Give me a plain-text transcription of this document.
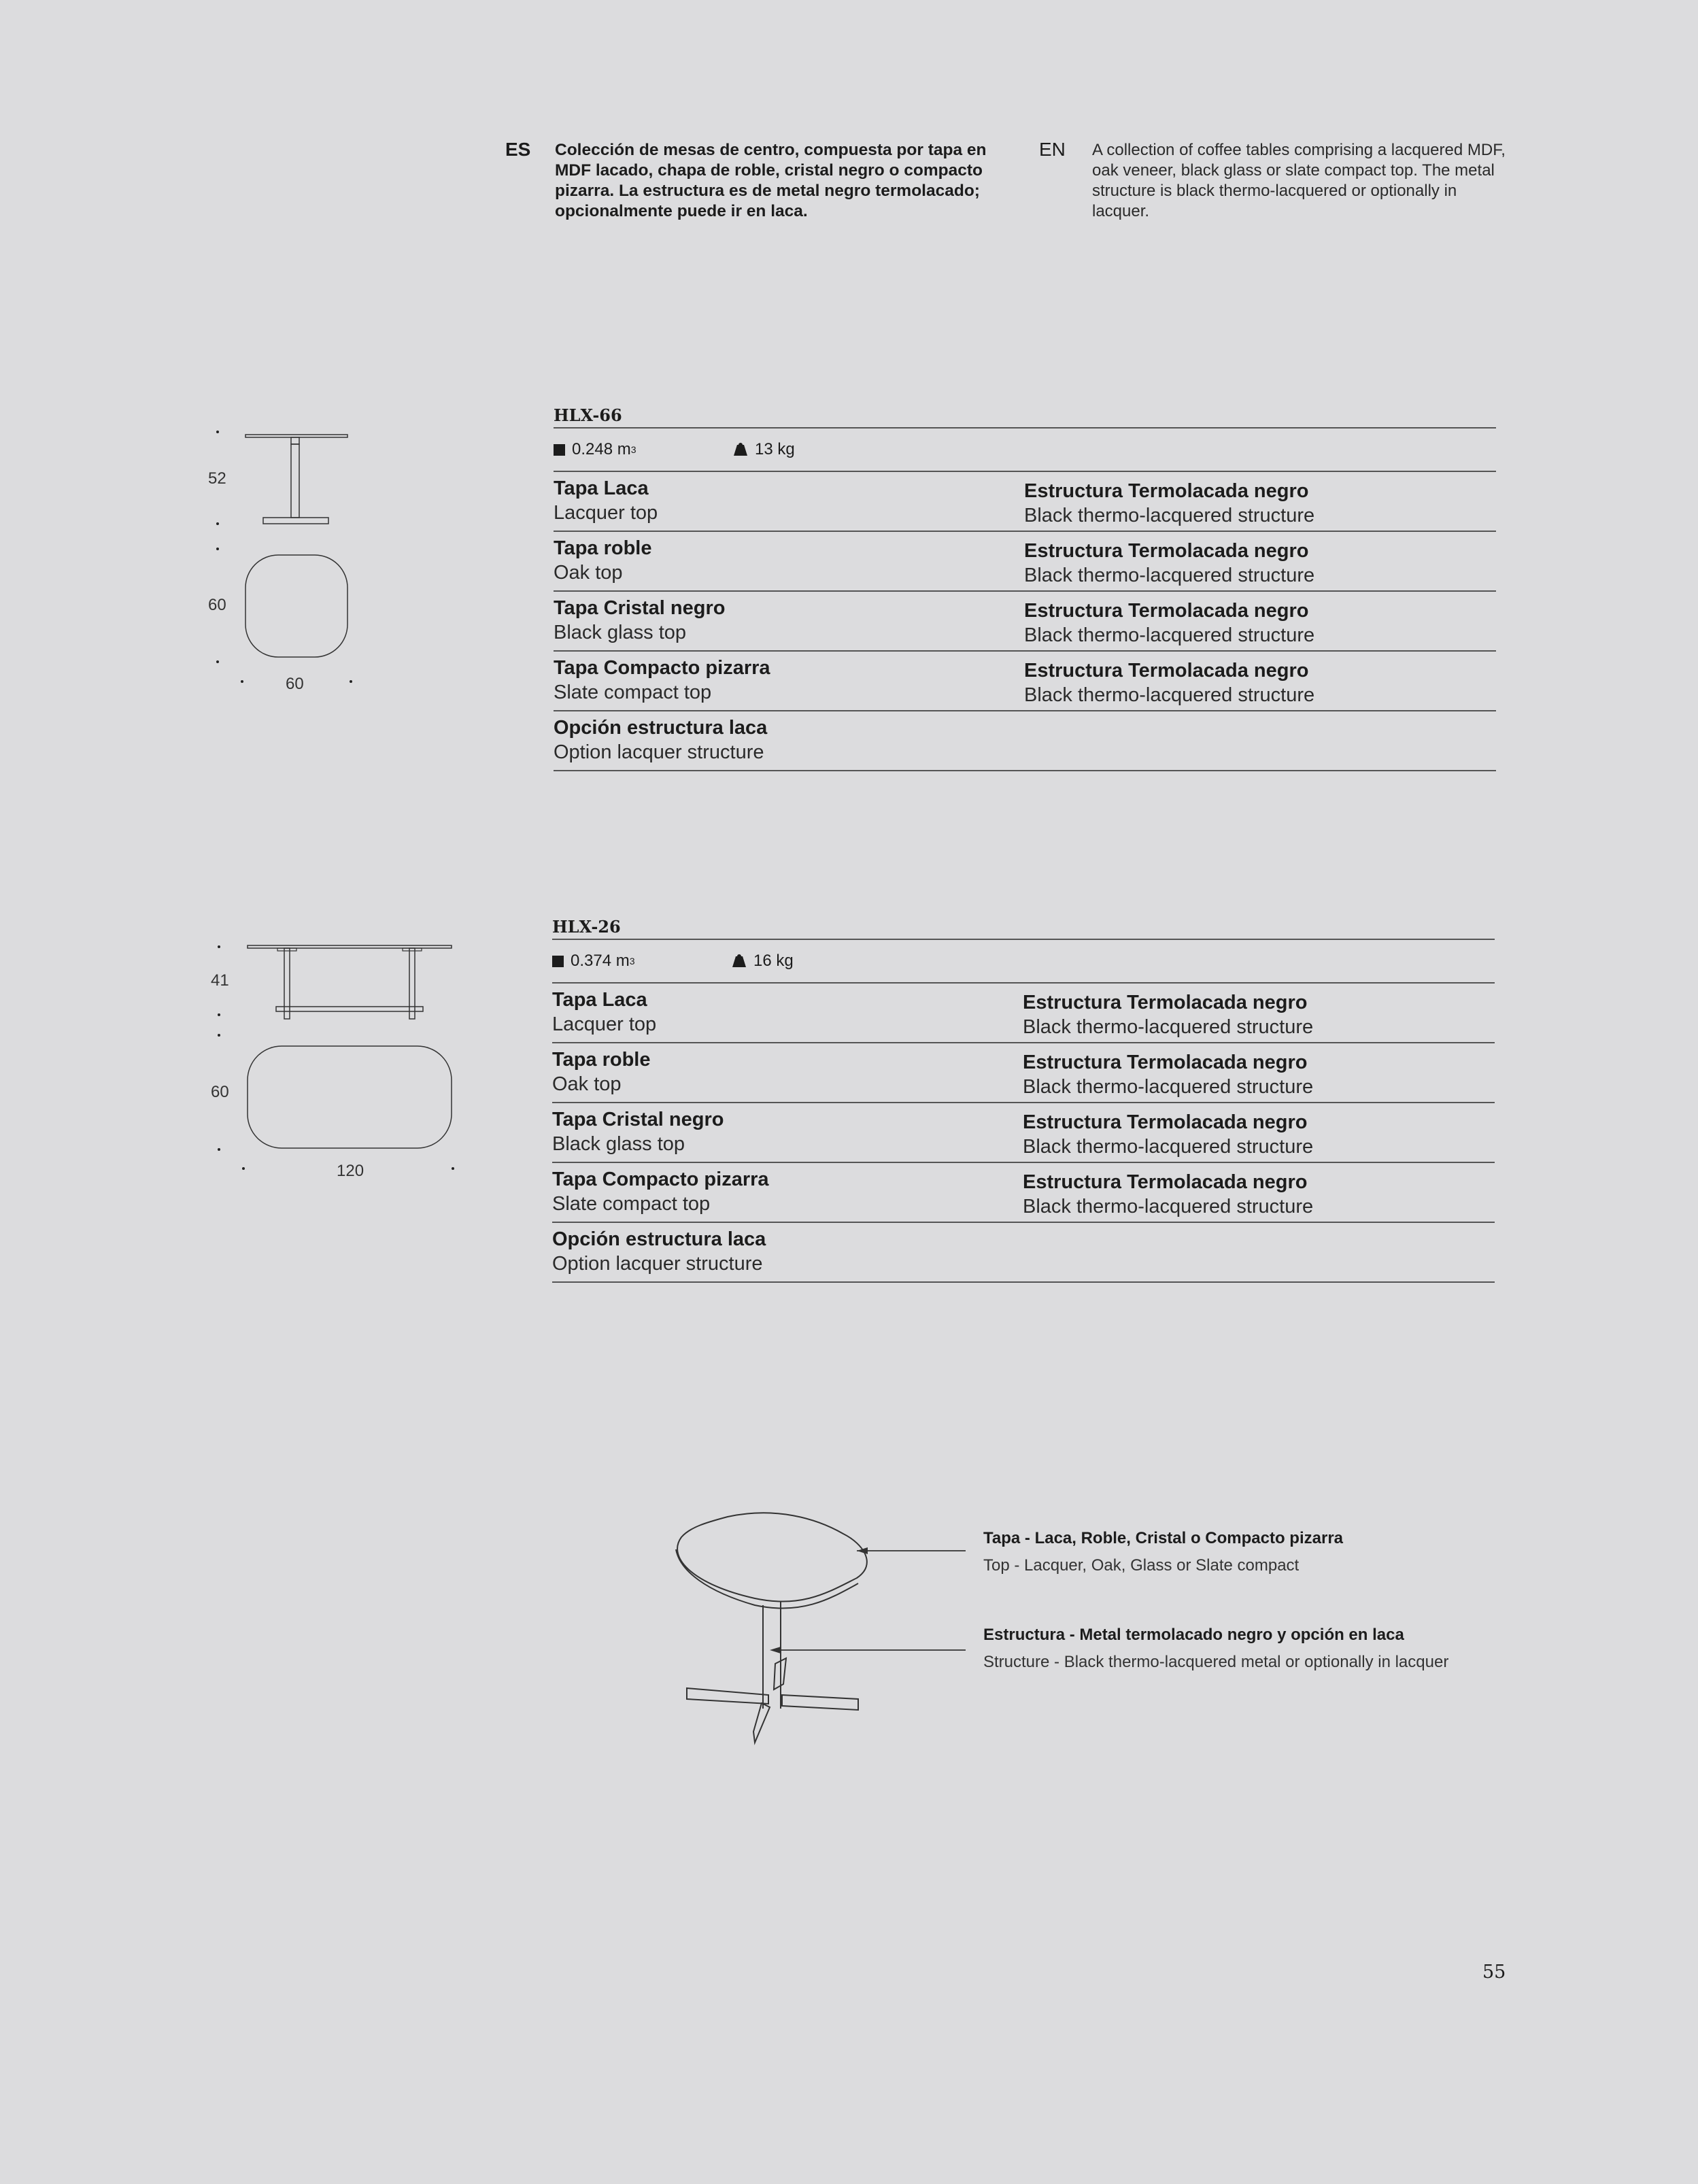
ES Colección de mesas de centro, compuesta por tapa en MDF lacado, chapa de roble, cristal negro o compacto pizarra. La estructura es de metal negro termolacado; opcionalmente puede ir en laca.
EN A collection of coffee tables comprising a lacquered MDF, oak veneer, black glass or slate compact top. The metal structure is black thermo-lacquered or optionally in lacquer.
52
60
60
HLX-66
0.248 m 3	13 kg
Tapa Laca
Lacquer top
Estructura Termolacada negro
Black thermo-lacquered structure
Tapa roble
Oak top
Estructura Termolacada negro
Black thermo-lacquered structure
Tapa Cristal negro
Black glass top
Estructura Termolacada negro
Black thermo-lacquered structure
Tapa Compacto pizarra
Slate compact top
Estructura Termolacada negro
Black thermo-lacquered structure
Opción estructura laca
Option lacquer structure
41
60
120
HLX-26
0.374 m 3	16 kg
Tapa Laca
Lacquer top
Estructura Termolacada negro
Black thermo-lacquered structure
Tapa roble
Oak top
Estructura Termolacada negro
Black thermo-lacquered structure
Tapa Cristal negro
Black glass top
Estructura Termolacada negro
Black thermo-lacquered structure
Tapa Compacto pizarra
Slate compact top
Estructura Termolacada negro
Black thermo-lacquered structure
Opción estructura laca
Option lacquer structure
Tapa - Laca, Roble, Cristal o Compacto pizarra
Top - Lacquer, Oak, Glass or Slate compact
Estructura - Metal termolacado negro y opción en laca
Structure - Black thermo-lacquered metal or optionally in lacquer
55
